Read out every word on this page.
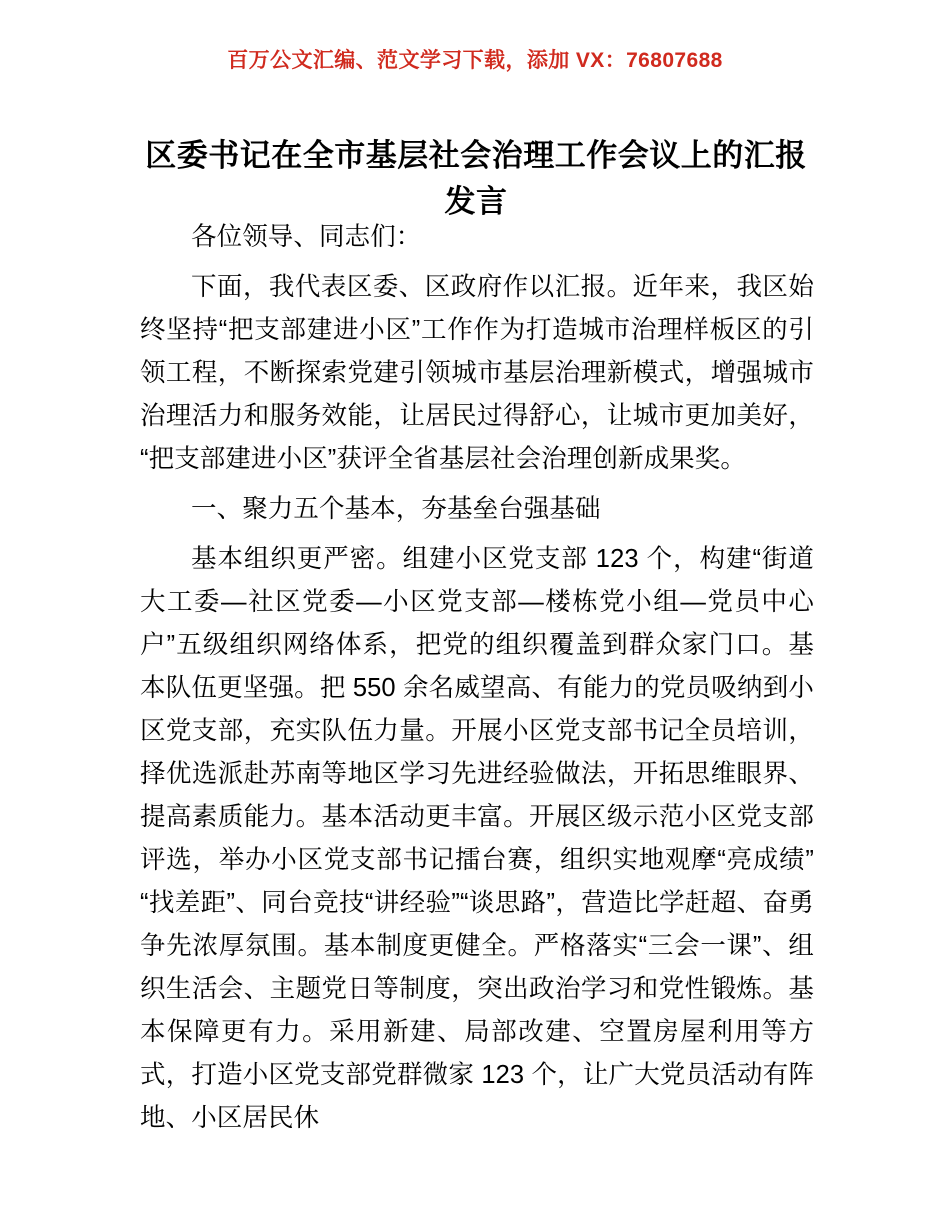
百万公文汇编、范文学习下载，添加 VX：76807688
区委书记在全市基层社会治理工作会议上的汇报发言

各位领导、同志们：

下面，我代表区委、区政府作以汇报。近年来，我区始终坚持“把支部建进小区”工作作为打造城市治理样板区的引领工程，不断探索党建引领城市基层治理新模式，增强城市治理活力和服务效能，让居民过得舒心，让城市更加美好，“把支部建进小区”获评全省基层社会治理创新成果奖。

一、聚力五个基本，夯基垒台强基础

基本组织更严密。组建小区党支部 123 个，构建“街道大工委—社区党委—小区党支部—楼栋党小组—党员中心户”五级组织网络体系，把党的组织覆盖到群众家门口。基本队伍更坚强。把 550 余名威望高、有能力的党员吸纳到小区党支部，充实队伍力量。开展小区党支部书记全员培训，择优选派赴苏南等地区学习先进经验做法，开拓思维眼界、提高素质能力。基本活动更丰富。开展区级示范小区党支部评选，举办小区党支部书记擂台赛，组织实地观摩“亮成绩”“找差距”、同台竞技“讲经验”“谈思路”，营造比学赶超、奋勇争先浓厚氛围。基本制度更健全。严格落实“三会一课”、组织生活会、主题党日等制度，突出政治学习和党性锻炼。基本保障更有力。采用新建、局部改建、空置房屋利用等方式，打造小区党支部党群微家 123 个，让广大党员活动有阵地、小区居民休
